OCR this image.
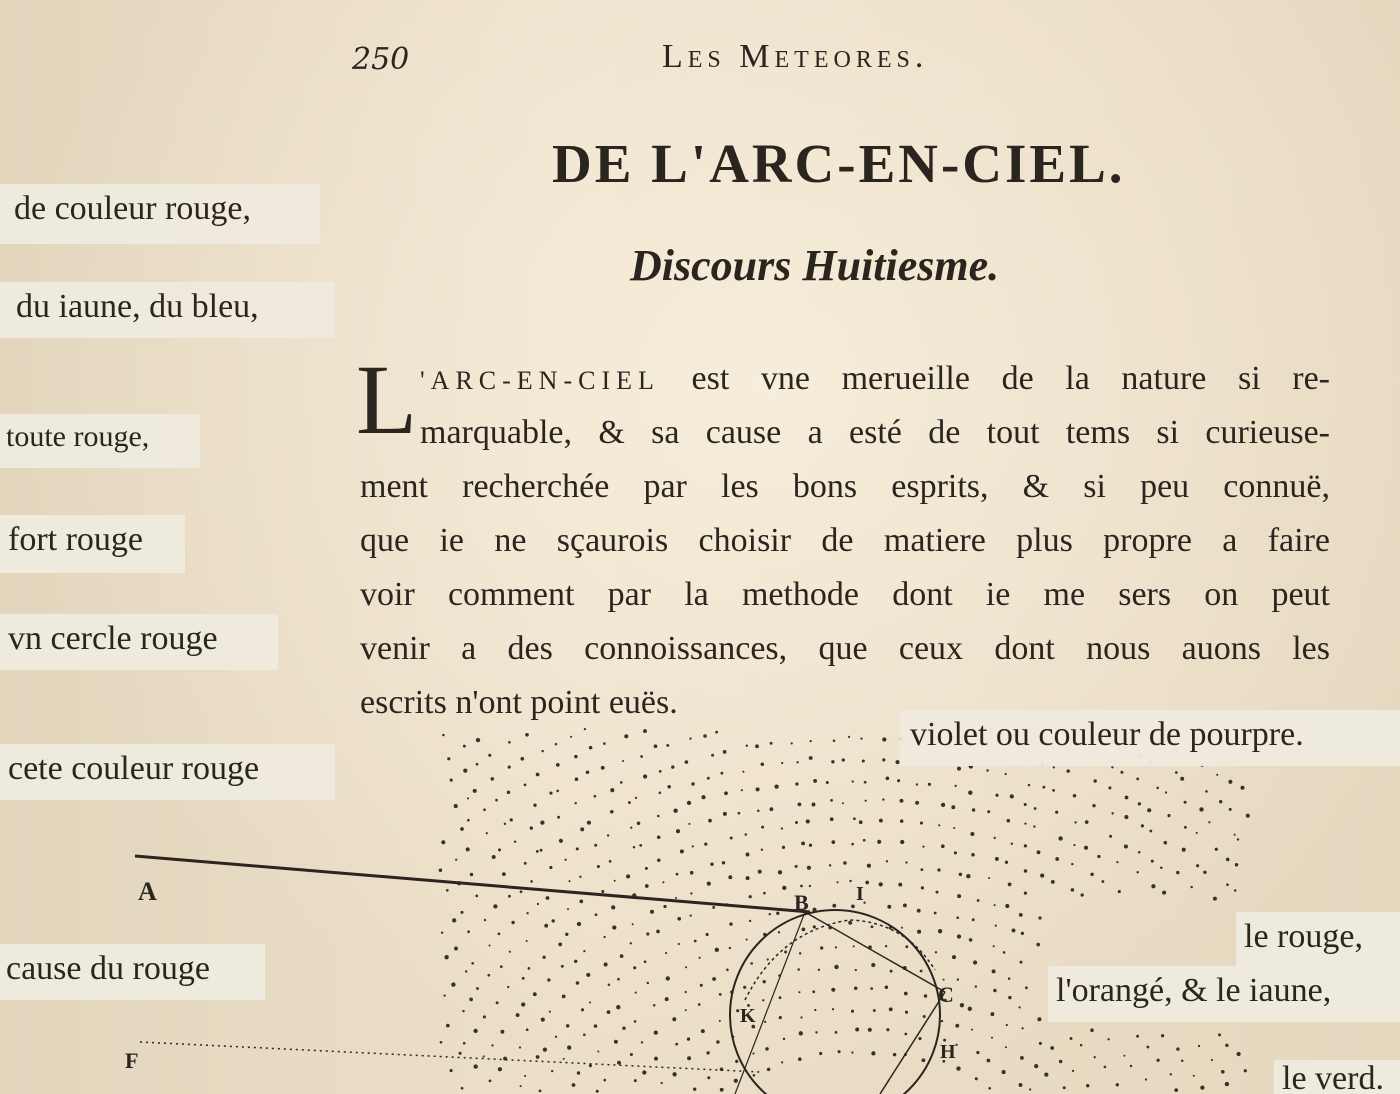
250	Les Meteores.
DE L'ARC-EN-CIEL.
Discours Huitiesme.
L 'ARC-EN-CIEL est vne merueille de la nature si re-
marquable, & sa cause a esté de tout tems si curieuse-
ment recherchée par les bons esprits, & si peu connuë,
que ie ne sçaurois choisir de matiere plus propre a faire
voir comment par la methode dont ie me sers on peut
venir a des connoissances, que ceux dont nous auons les
escrits n'ont point euës.
A	B I
C
K
H
F
de couleur rouge,
du iaune, du bleu,
toute rouge,
fort rouge
vn cercle rouge
cete couleur rouge
cause du rouge
violet ou couleur de pourpre.
le rouge,
l'orangé, & le iaune,
le verd.
